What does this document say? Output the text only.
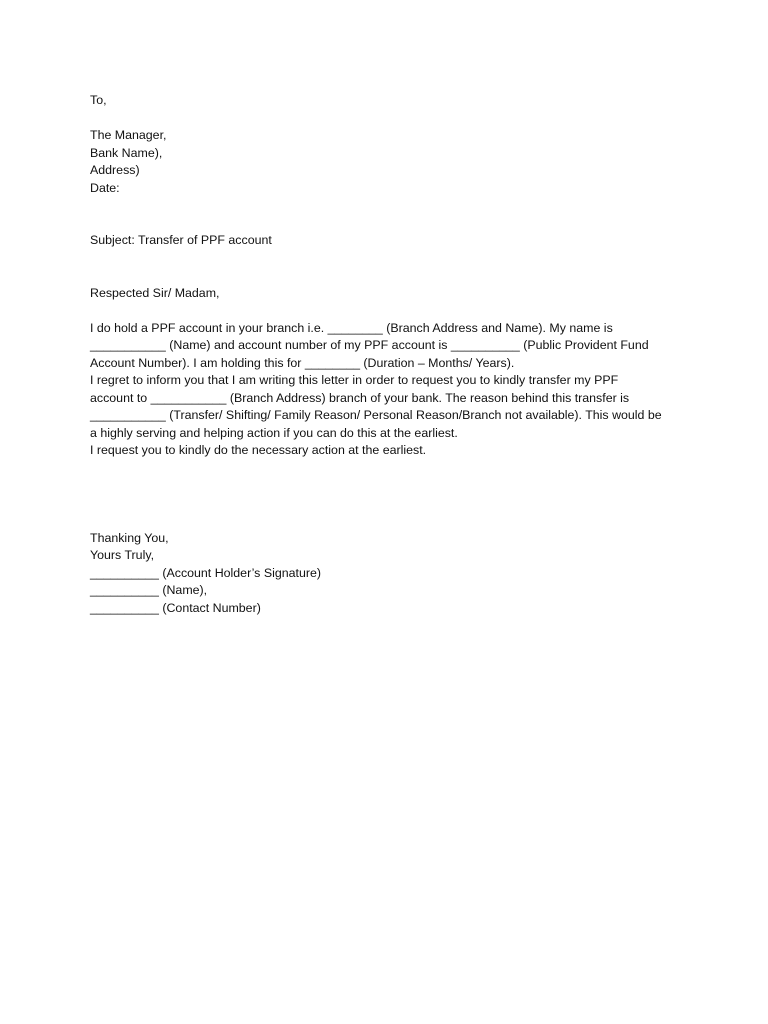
To,
The Manager,
Bank Name),
Address)
Date:
Subject: Transfer of PPF account
Respected Sir/ Madam,
I do hold a PPF account in your branch i.e. ________ (Branch Address and Name). My name is
___________ (Name) and account number of my PPF account is __________ (Public Provident Fund
Account Number). I am holding this for ________ (Duration – Months/ Years).
I regret to inform you that I am writing this letter in order to request you to kindly transfer my PPF
account to ___________ (Branch Address) branch of your bank. The reason behind this transfer is
___________ (Transfer/ Shifting/ Family Reason/ Personal Reason/Branch not available). This would be
a highly serving and helping action if you can do this at the earliest.
I request you to kindly do the necessary action at the earliest.
Thanking You,
Yours Truly,
__________ (Account Holder’s Signature)
__________ (Name),
__________ (Contact Number)
